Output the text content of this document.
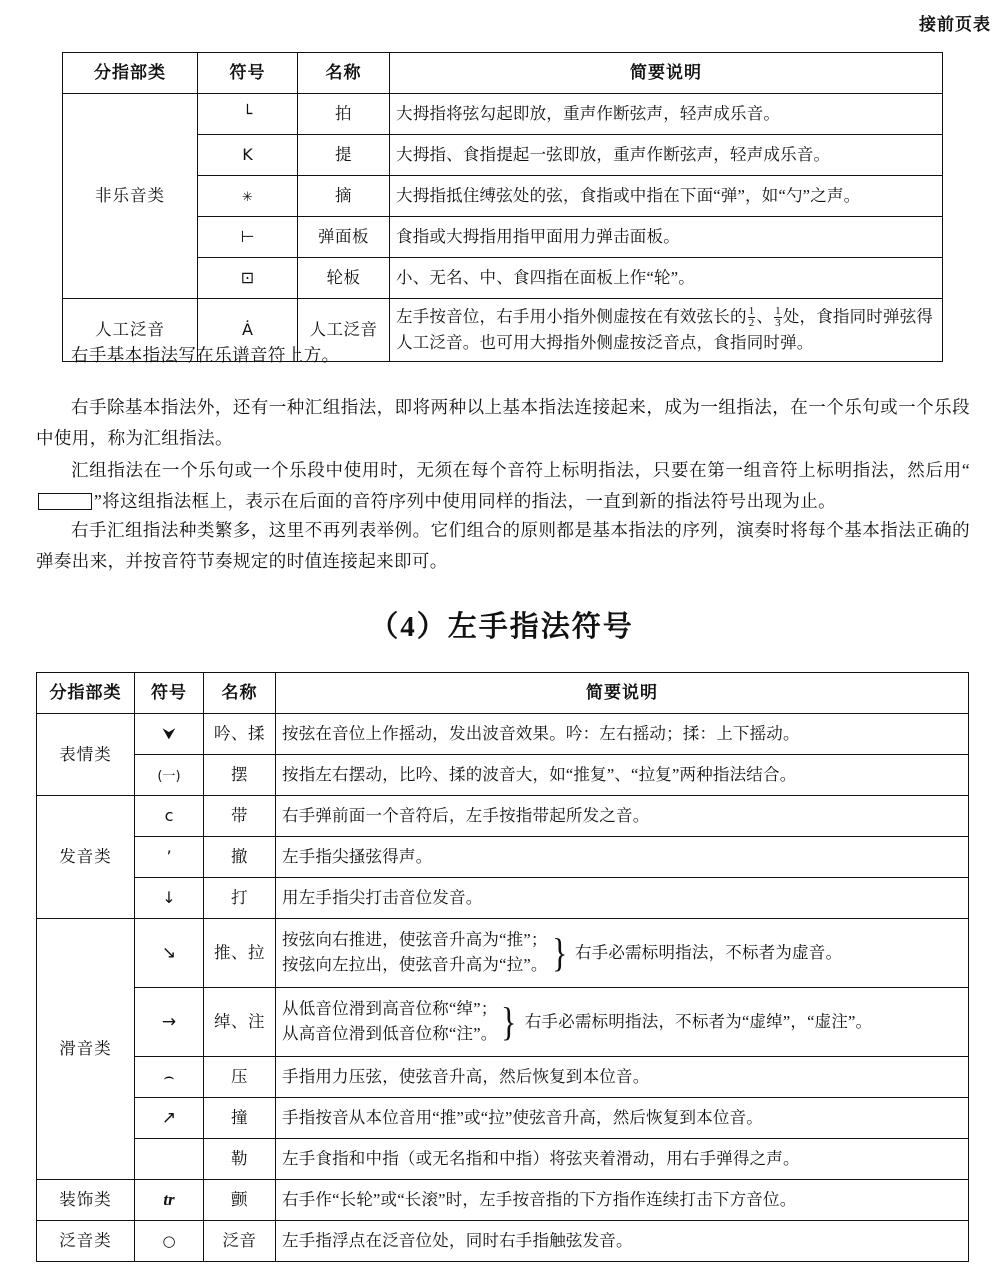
接前页表
分指部类	符号	名称	简要说明
非乐音类	└	拍	大拇指将弦勾起即放，重声作断弦声，轻声成乐音。
	K	提	大拇指、食指提起一弦即放，重声作断弦声，轻声成乐音。
	✳	摘	大拇指抵住缚弦处的弦，食指或中指在下面“弹”，如“勺”之声。
	⊢	弹面板	食指或大拇指用指甲面用力弹击面板。
	⊡	轮板	小、无名、中、食四指在面板上作“轮”。
人工泛音	Ȧ	人工泛音	左手按音位，右手用小指外侧虚按在有效弦长的 $\frac{1}{2}$ 、 $\frac{1}{3}$ 处，食指同时弹弦得人工泛音。也可用大拇指外侧虚按泛音点，食指同时弹。
右手基本指法写在乐谱音符上方。
右手除基本指法外，还有一种汇组指法，即将两种以上基本指法连接起来，成为一组指法，在一个乐句或一个乐段中使用，称为汇组指法。
汇组指法在一个乐句或一个乐段中使用时，无须在每个音符上标明指法，只要在第一组音符上标明指法，然后用“”将这组指法框上，表示在后面的音符序列中使用同样的指法，一直到新的指法符号出现为止。
右手汇组指法种类繁多，这里不再列表举例。它们组合的原则都是基本指法的序列，演奏时将每个基本指法正确的弹奏出来，并按音符节奏规定的时值连接起来即可。
（4）左手指法符号
分指部类	符号	名称	简要说明
表情类	⮟	吟、揉	按弦在音位上作摇动，发出波音效果。吟：左右摇动；揉：上下摇动。
	(一)	摆	按指左右摆动，比吟、揉的波音大，如“推复”、“拉复”两种指法结合。
发音类	c	带	右手弹前面一个音符后，左手按指带起所发之音。
	’	撤	左手指尖搔弦得声。
	↓	打	用左手指尖打击音位发音。
滑音类	↘	推、拉	按弦向右推进，使弦音升高为“推”；
按弦向左拉出，使弦音升高为“拉”。 } 右手必需标明指法，不标者为虚音。

	→	绰、注	从低音位滑到高音位称“绰”；
从高音位滑到低音位称“注”。 } 右手必需标明指法，不标者为“虚绰”，“虚注”。

	⌢	压	手指用力压弦，使弦音升高，然后恢复到本位音。
	↗	撞	手指按音从本位音用“推”或“拉”使弦音升高，然后恢复到本位音。
		勒	左手食指和中指（或无名指和中指）将弦夹着滑动，用右手弹得之声。
装饰类	tr	颤	右手作“长轮”或“长滚”时，左手按音指的下方指作连续打击下方音位。
泛音类	○	泛音	左手指浮点在泛音位处，同时右手指触弦发音。
